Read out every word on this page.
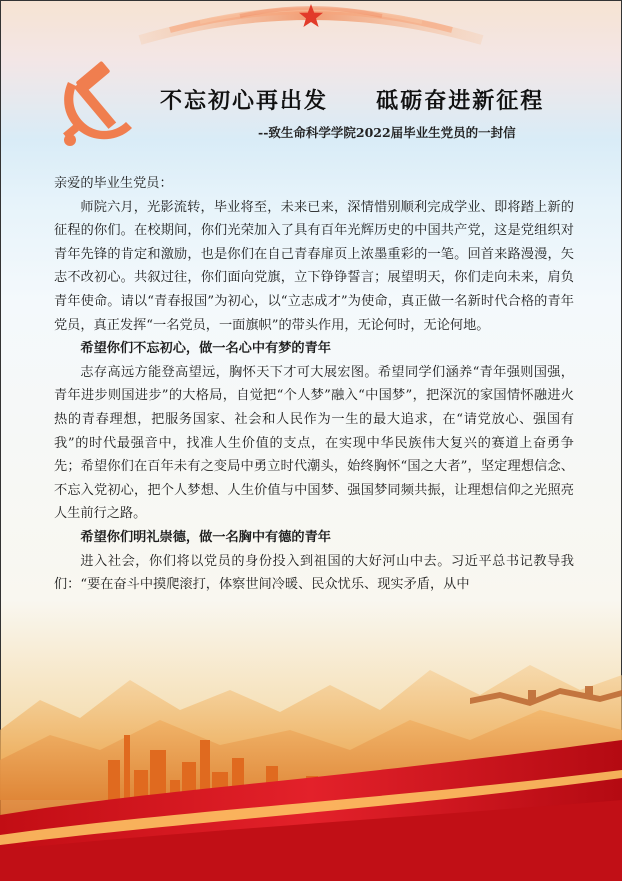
不忘初心再出发     砥砺奋进新征程
--致生命科学学院2022届毕业生党员的一封信

亲爱的毕业生党员：

师院六月，光影流转，毕业将至，未来已来，深情惜别顺利完成学业、即将踏上新的征程的你们。在校期间，你们光荣加入了具有百年光辉历史的中国共产党，这是党组织对青年先锋的肯定和激励，也是你们在自己青春扉页上浓墨重彩的一笔。回首来路漫漫，矢志不改初心。共叙过往，你们面向党旗，立下铮铮誓言；展望明天，你们走向未来，肩负青年使命。请以“青春报国”为初心，以“立志成才”为使命，真正做一名新时代合格的青年党员，真正发挥“一名党员，一面旗帜”的带头作用，无论何时，无论何地。

希望你们不忘初心，做一名心中有梦的青年

志存高远方能登高望远，胸怀天下才可大展宏图。希望同学们涵养“青年强则国强，青年进步则国进步”的大格局，自觉把“个人梦”融入“中国梦”，把深沉的家国情怀融进火热的青春理想，把服务国家、社会和人民作为一生的最大追求，在“请党放心、强国有我”的时代最强音中，找准人生价值的支点，在实现中华民族伟大复兴的赛道上奋勇争先；希望你们在百年未有之变局中勇立时代潮头，始终胸怀“国之大者”，坚定理想信念、不忘入党初心，把个人梦想、人生价值与中国梦、强国梦同频共振，让理想信仰之光照亮人生前行之路。

希望你们明礼崇德，做一名胸中有德的青年

进入社会，你们将以党员的身份投入到祖国的大好河山中去。习近平总书记教导我们：“要在奋斗中摸爬滚打，体察世间冷暖、民众忧乐、现实矛盾，从中
